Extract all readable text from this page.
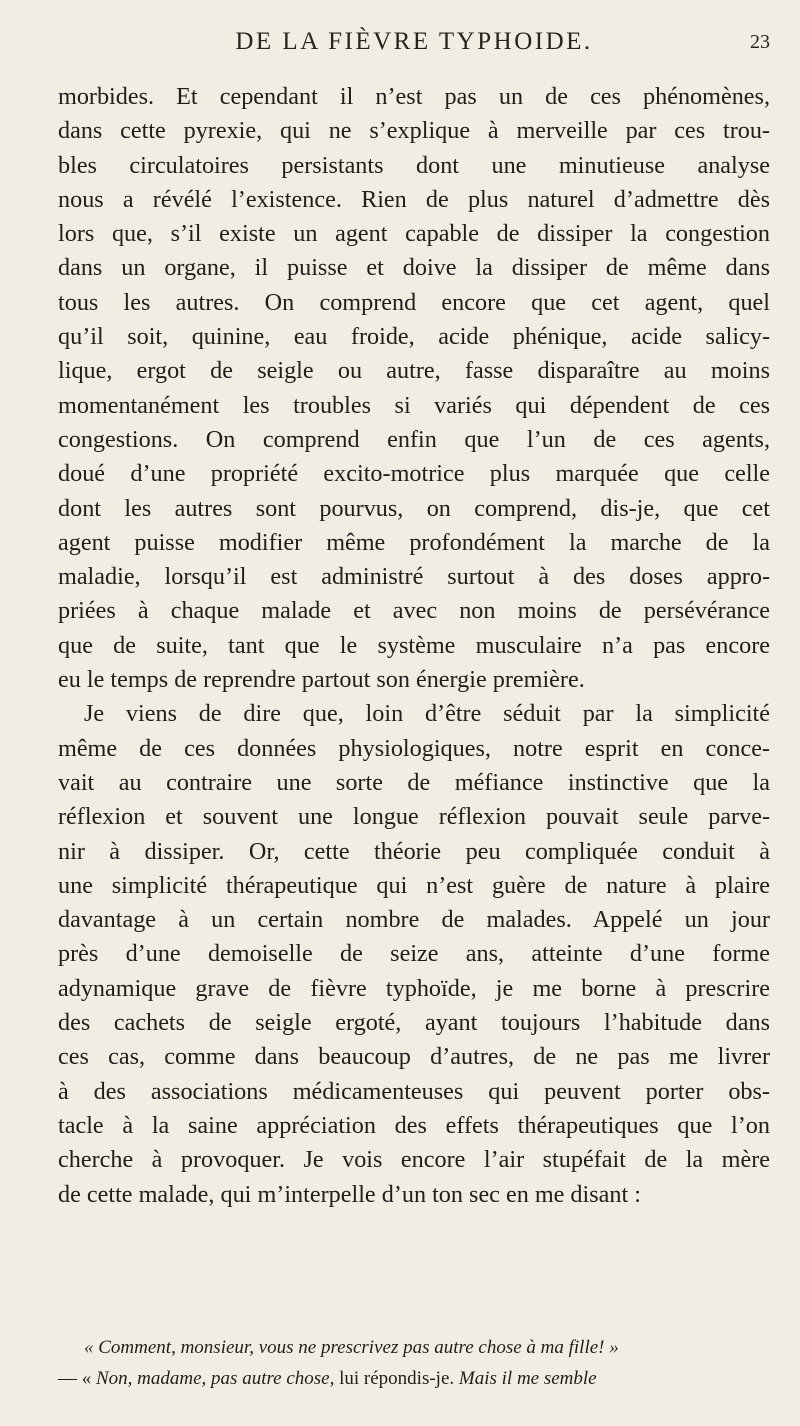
DE LA FIÈVRE TYPHOIDE.	23
morbides. Et cependant il n’est pas un de ces phénomènes,
dans cette pyrexie, qui ne s’explique à merveille par ces trou-
bles circulatoires persistants dont une minutieuse analyse
nous a révélé l’existence. Rien de plus naturel d’admettre dès
lors que, s’il existe un agent capable de dissiper la congestion
dans un organe, il puisse et doive la dissiper de même dans
tous les autres. On comprend encore que cet agent, quel
qu’il soit, quinine, eau froide, acide phénique, acide salicy-
lique, ergot de seigle ou autre, fasse disparaître au moins
momentanément les troubles si variés qui dépendent de ces
congestions. On comprend enfin que l’un de ces agents,
doué d’une propriété excito-motrice plus marquée que celle
dont les autres sont pourvus, on comprend, dis-je, que cet
agent puisse modifier même profondément la marche de la
maladie, lorsqu’il est administré surtout à des doses appro-
priées à chaque malade et avec non moins de persévérance
que de suite, tant que le système musculaire n’a pas encore
eu le temps de reprendre partout son énergie première.
Je viens de dire que, loin d’être séduit par la simplicité
même de ces données physiologiques, notre esprit en conce-
vait au contraire une sorte de méfiance instinctive que la
réflexion et souvent une longue réflexion pouvait seule parve-
nir à dissiper. Or, cette théorie peu compliquée conduit à
une simplicité thérapeutique qui n’est guère de nature à plaire
davantage à un certain nombre de malades. Appelé un jour
près d’une demoiselle de seize ans, atteinte d’une forme
adynamique grave de fièvre typhoïde, je me borne à prescrire
des cachets de seigle ergoté, ayant toujours l’habitude dans
ces cas, comme dans beaucoup d’autres, de ne pas me livrer
à des associations médicamenteuses qui peuvent porter obs-
tacle à la saine appréciation des effets thérapeutiques que l’on
cherche à provoquer. Je vois encore l’air stupéfait de la mère
de cette malade, qui m’interpelle d’un ton sec en me disant :
« Comment, monsieur, vous ne prescrivez pas autre chose à ma fille! »
— « Non, madame, pas autre chose, lui répondis-je. Mais il me semble
